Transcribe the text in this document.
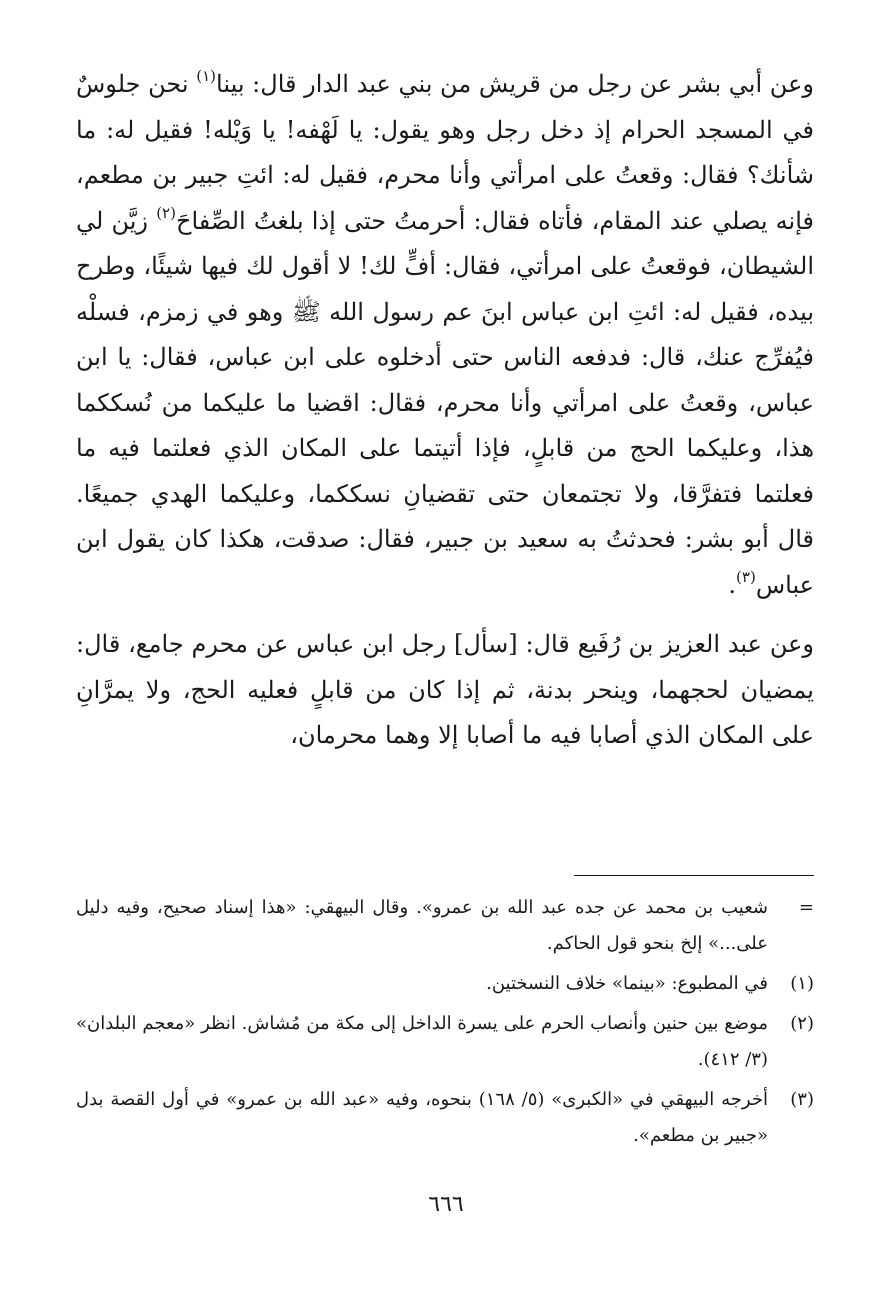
وعن أبي بشر عن رجل من قريش من بني عبد الدار قال: بينا$^{(١)}$ نحن جلوسٌ في المسجد الحرام إذ دخل رجل وهو يقول: يا لَهْفه! يا وَيْله! فقيل له: ما شأنك؟ فقال: وقعتُ على امرأتي وأنا محرم، فقيل له: ائتِ جبير بن مطعم، فإنه يصلي عند المقام، فأتاه فقال: أحرمتُ حتى إذا بلغتُ الصِّفاحَ$^{(٢)}$ زيَّن لي الشيطان، فوقعتُ على امرأتي، فقال: أفٍّ لك! لا أقول لك فيها شيئًا، وطرح بيده، فقيل له: ائتِ ابن عباس ابنَ عم رسول الله ﷺ وهو في زمزم، فسلْه فيُفرِّج عنك، قال: فدفعه الناس حتى أدخلوه على ابن عباس، فقال: يا ابن عباس، وقعتُ على امرأتي وأنا محرم، فقال: اقضيا ما عليكما من نُسككما هذا، وعليكما الحج من قابلٍ، فإذا أتيتما على المكان الذي فعلتما فيه ما فعلتما فتفرَّقا، ولا تجتمعان حتى تقضيانِ نسككما، وعليكما الهدي جميعًا. قال أبو بشر: فحدثتُ به سعيد بن جبير، فقال: صدقت، هكذا كان يقول ابن عباس$^{(٣)}$.

وعن عبد العزيز بن رُفَيع قال: [سأل] رجل ابن عباس عن محرم جامع، قال: يمضيان لحجهما، وينحر بدنة، ثم إذا كان من قابلٍ فعليه الحج، ولا يمرَّانِ على المكان الذي أصابا فيه ما أصابا إلا وهما محرمان،

=
شعيب بن محمد عن جده عبد الله بن عمرو». وقال البيهقي: «هذا إسناد صحيح، وفيه دليل على...» إلخ بنحو قول الحاكم.
(١)
في المطبوع: «بينما» خلاف النسختين.
(٢)
موضع بين حنين وأنصاب الحرم على يسرة الداخل إلى مكة من مُشاش. انظر «معجم البلدان» (٣/ ٤١٢).
(٣)
أخرجه البيهقي في «الكبرى» (٥/ ١٦٨) بنحوه، وفيه «عبد الله بن عمرو» في أول القصة بدل «جبير بن مطعم».
٦٦٦
